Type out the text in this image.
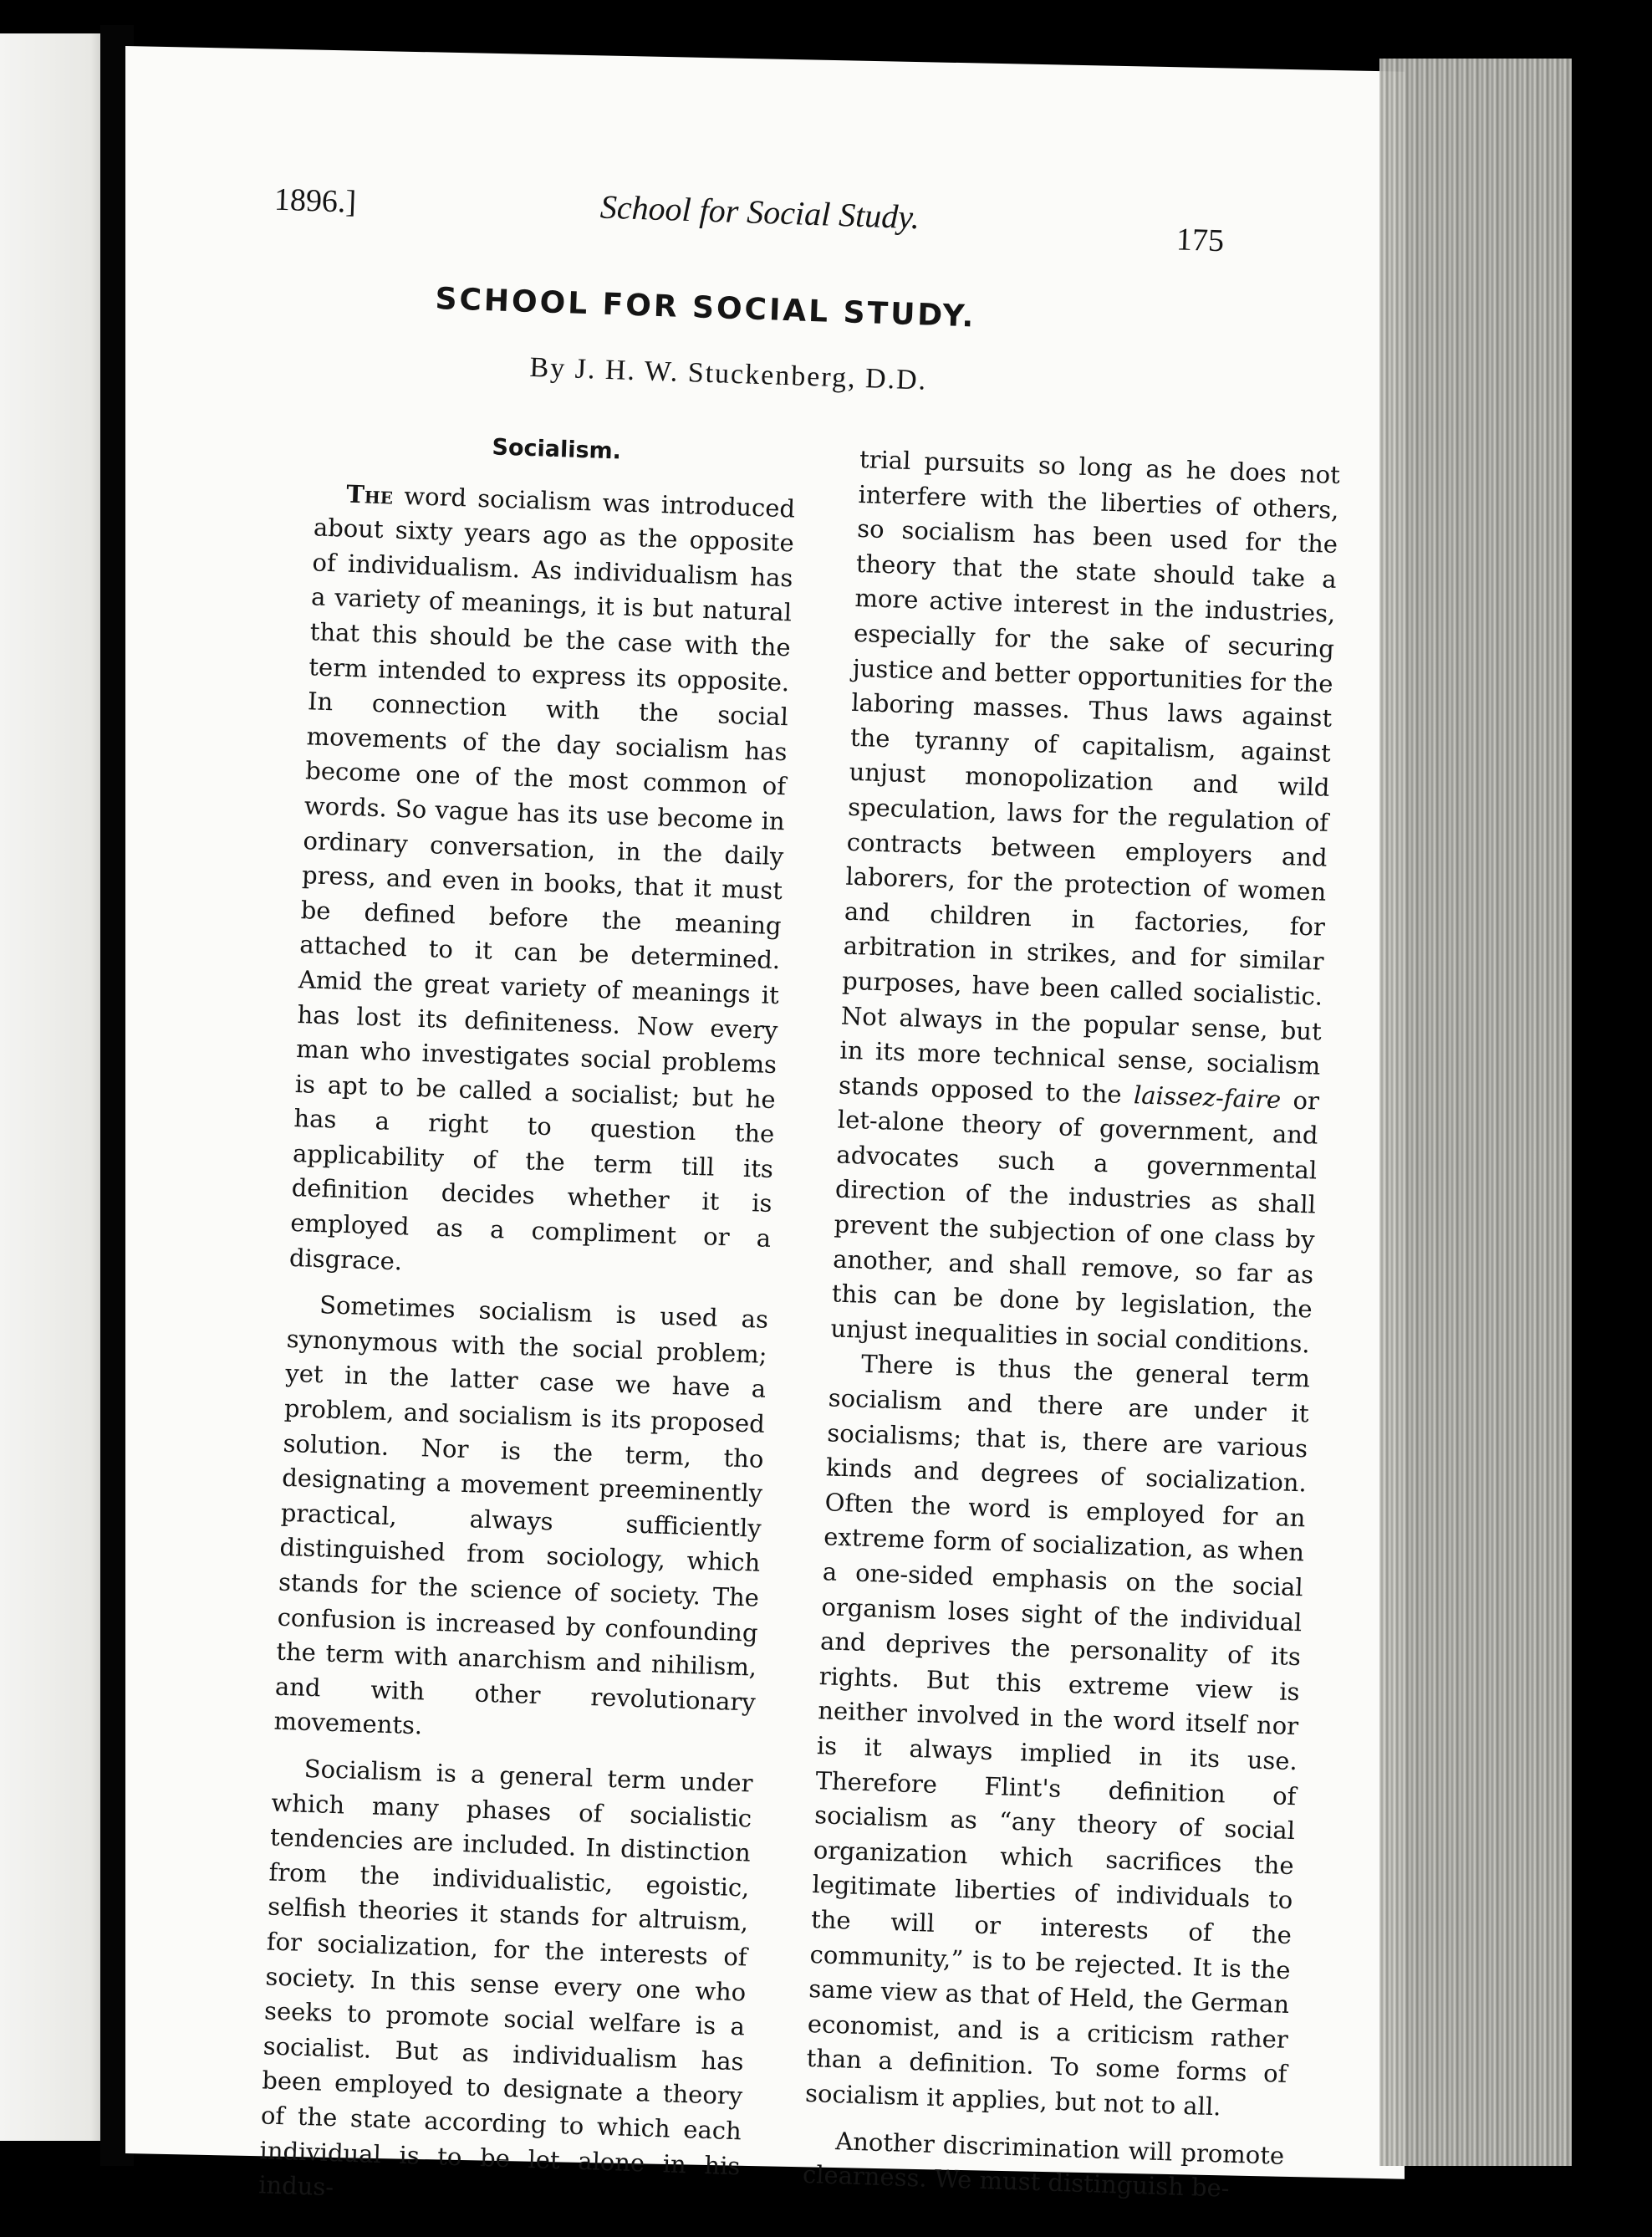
1896.]	School for Social Study.
175
SCHOOL FOR SOCIAL STUDY.
By J. H. W. Stuckenberg, D.D.
Socialism.

The word socialism was introduced about sixty years ago as the opposite of individualism. As individualism has a variety of meanings, it is but natural that this should be the case with the term intended to express its opposite. In connection with the social movements of the day socialism has become one of the most common of words. So vague has its use become in ordinary conversation, in the daily press, and even in books, that it must be defined before the meaning attached to it can be determined. Amid the great variety of meanings it has lost its definiteness. Now every man who investigates social problems is apt to be called a socialist; but he has a right to question the applicability of the term till its definition decides whether it is employed as a compliment or a disgrace.

Sometimes socialism is used as synonymous with the social problem; yet in the latter case we have a problem, and socialism is its proposed solution. Nor is the term, tho designating a movement preeminently practical, always sufficiently distinguished from sociology, which stands for the science of society. The confusion is increased by confounding the term with anarchism and nihilism, and with other revolutionary movements.

Socialism is a general term under which many phases of socialistic tendencies are included. In distinction from the individualistic, egoistic, selfish theories it stands for altruism, for socialization, for the interests of society. In this sense every one who seeks to promote social welfare is a socialist. But as individualism has been employed to designate a theory of the state according to which each individual is to be let alone in his indus-

trial pursuits so long as he does not interfere with the liberties of others, so socialism has been used for the theory that the state should take a more active interest in the industries, especially for the sake of securing justice and better opportunities for the laboring masses. Thus laws against the tyranny of capitalism, against unjust monopolization and wild speculation, laws for the regulation of contracts between employers and laborers, for the protection of women and children in factories, for arbitration in strikes, and for similar purposes, have been called socialistic. Not always in the popular sense, but in its more technical sense, socialism stands opposed to the laissez-faire or let-alone theory of government, and advocates such a governmental direction of the industries as shall prevent the subjection of one class by another, and shall remove, so far as this can be done by legislation, the unjust inequalities in social conditions.

There is thus the general term socialism and there are under it socialisms; that is, there are various kinds and degrees of socialization. Often the word is employed for an extreme form of socialization, as when a one-sided emphasis on the social organism loses sight of the individual and deprives the personality of its rights. But this extreme view is neither involved in the word itself nor is it always implied in its use. Therefore Flint's definition of socialism as “any theory of social organization which sacrifices the legitimate liberties of individuals to the will or interests of the community,” is to be rejected. It is the same view as that of Held, the German economist, and is a criticism rather than a definition. To some forms of socialism it applies, but not to all.

Another discrimination will promote clearness. We must distinguish be-
